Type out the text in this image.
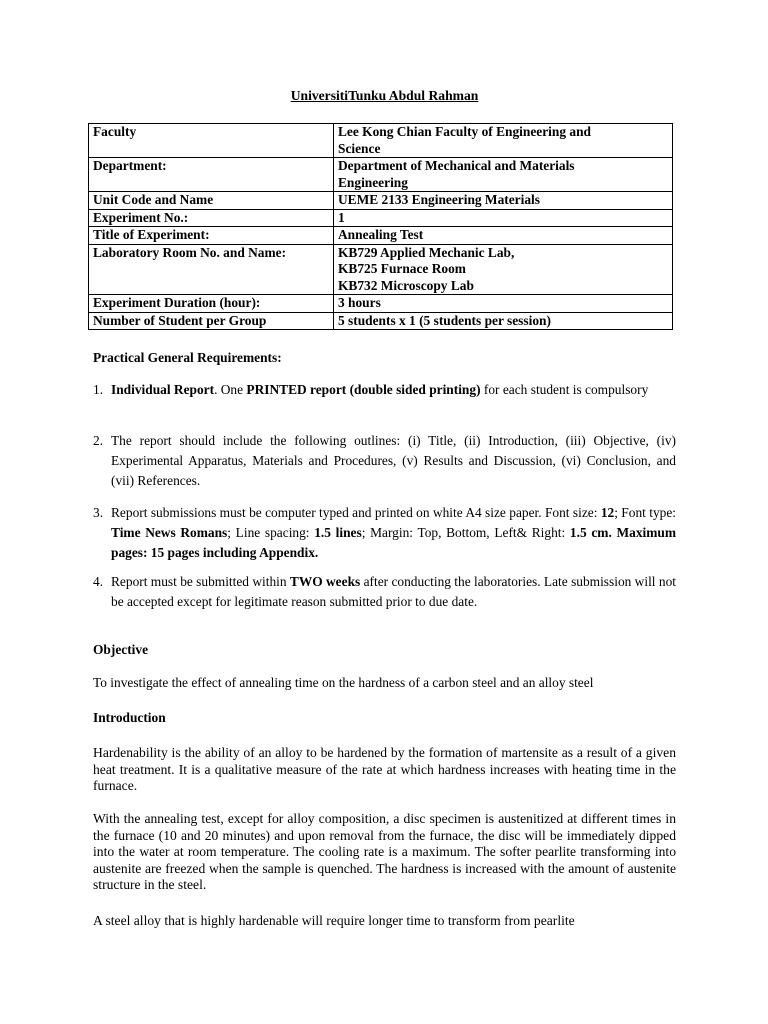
UniversitiTunku Abdul Rahman
Faculty	Lee Kong Chian Faculty of Engineering and
Science

Department:	Department of Mechanical and Materials
Engineering

Unit Code and Name	UEME 2133 Engineering Materials

Experiment No.:	1

Title of Experiment:	Annealing Test

Laboratory Room No. and Name:	KB729 Applied Mechanic Lab,
KB725 Furnace Room
KB732 Microscopy Lab

Experiment Duration (hour):	3 hours

Number of Student per Group	5 students x 1 (5 students per session)
Practical General Requirements:
1. Individual Report. One PRINTED report (double sided printing) for each student is compulsory
2. The report should include the following outlines: (i) Title, (ii) Introduction, (iii) Objective, (iv) Experimental Apparatus, Materials and Procedures, (v) Results and Discussion, (vi) Conclusion, and (vii) References.
3. Report submissions must be computer typed and printed on white A4 size paper. Font size: 12; Font type: Time News Romans; Line spacing: 1.5 lines; Margin: Top, Bottom, Left& Right: 1.5 cm. Maximum pages: 15 pages including Appendix.
4. Report must be submitted within TWO weeks after conducting the laboratories. Late submission will not be accepted except for legitimate reason submitted prior to due date.
Objective
To investigate the effect of annealing time on the hardness of a carbon steel and an alloy steel
Introduction
Hardenability is the ability of an alloy to be hardened by the formation of martensite as a result of a given heat treatment. It is a qualitative measure of the rate at which hardness increases with heating time in the furnace.
With the annealing test, except for alloy composition, a disc specimen is austenitized at different times in the furnace (10 and 20 minutes) and upon removal from the furnace, the disc will be immediately dipped into the water at room temperature. The cooling rate is a maximum. The softer pearlite transforming into austenite are freezed when the sample is quenched. The hardness is increased with the amount of austenite structure in the steel.
A steel alloy that is highly hardenable will require longer time to transform from pearlite
